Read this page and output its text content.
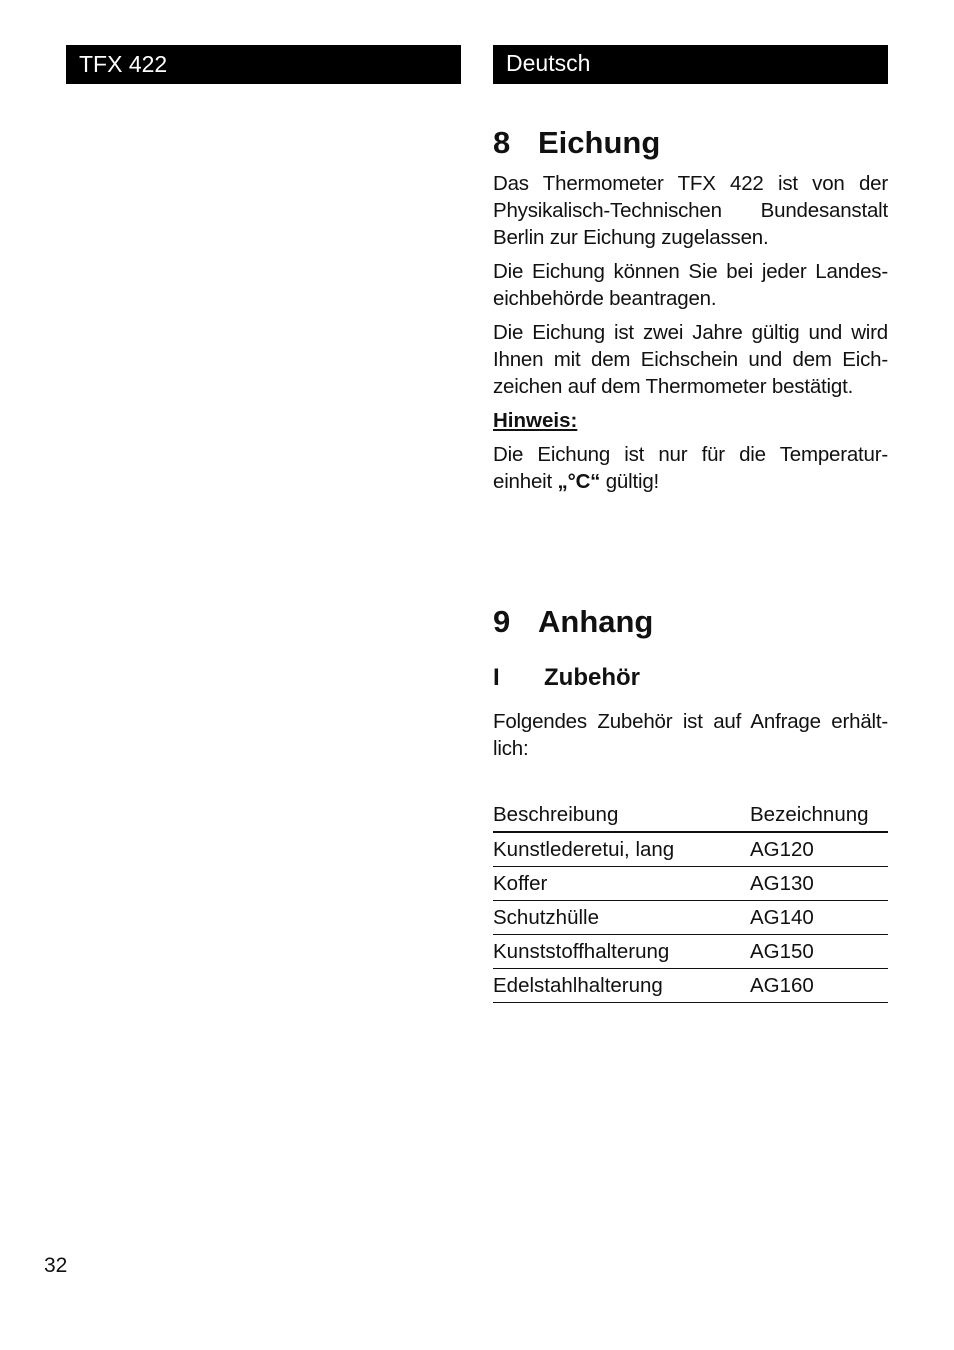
TFX 422	Deutsch
8 Eichung

Das Thermometer TFX 422 ist von der Physikalisch-Technischen Bundesanstalt Berlin zur Eichung zugelassen.

Die Eichung können Sie bei jeder Landes-eichbehörde beantragen.

Die Eichung ist zwei Jahre gültig und wird Ihnen mit dem Eichschein und dem Eich-zeichen auf dem Thermometer bestätigt.

Hinweis:

Die Eichung ist nur für die Temperatur-einheit „°C“ gültig!

9 Anhang
I Zubehör

Folgendes Zubehör ist auf Anfrage erhält-lich:

Beschreibung	Bezeichnung
Kunstlederetui, lang	AG120
Koffer	AG130
Schutzhülle	AG140
Kunststoffhalterung	AG150
Edelstahlhalterung	AG160
32
